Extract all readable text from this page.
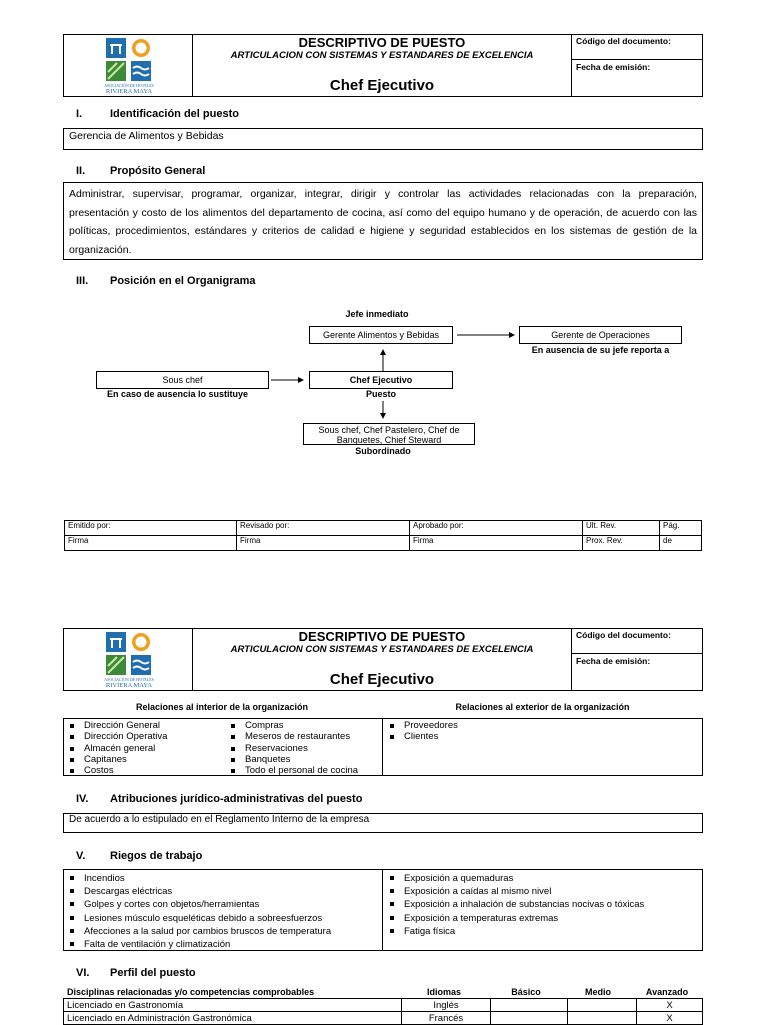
ASOCIACIÓN DE HOTELES
RIVIERA MAYA
DESCRIPTIVO DE PUESTO
ARTICULACION CON SISTEMAS Y ESTANDARES DE EXCELENCIA
Chef Ejecutivo
Código del documento:
Fecha de emisión:
I.	Identificación del puesto
Gerencia de Alimentos y Bebidas
II. Propósito General
Administrar, supervisar, programar, organizar, integrar, dirigir y controlar las actividades relacionadas con la preparación,
presentación y costo de los alimentos del departamento de cocina, así como del equipo humano y de operación, de acuerdo con las
políticas, procedimientos, estándares y criterios de calidad e higiene y seguridad establecidos en los sistemas de gestión de la
organización.
III. Posición en el Organigrama
Jefe inmediato
Gerente Alimentos y Bebidas	Gerente de Operaciones
En ausencia de su jefe reporta a
Sous chef
En caso de ausencia lo sustituye
Chef Ejecutivo
Puesto
Sous chef, Chef Pastelero, Chef de
Banquetes, Chief Steward
Subordinado
Emitido por:	Revisado por:	Aprobado por:	Ult. Rev.	Pág.
Firma	Firma	Firma	Prox. Rev.	de
ASOCIACIÓN DE HOTELES
RIVIERA MAYA
DESCRIPTIVO DE PUESTO
ARTICULACION CON SISTEMAS Y ESTANDARES DE EXCELENCIA
Chef Ejecutivo
Código del documento:
Fecha de emisión:
Relaciones al interior de la organización	Relaciones al exterior de la organización
Dirección General
Dirección Operativa
Almacén general
Capitanes
Costos
Compras
Meseros de restaurantes
Reservaciones
Banquetes
Todo el personal de cocina
Proveedores
Clientes
IV. Atribuciones jurídico-administrativas del puesto
De acuerdo a lo estipulado en el Reglamento Interno de la empresa
V. Riegos de trabajo
Incendios
Descargas eléctricas
Golpes y cortes con objetos/herramientas
Lesiones músculo esqueléticas debido a sobreesfuerzos
Afecciones a la salud por cambios bruscos de temperatura
Falta de ventilación y climatización
Exposición a quemaduras
Exposición a caídas al mismo nivel
Exposición a inhalación de substancias nocivas o tóxicas
Exposición a temperaturas extremas
Fatiga física
VI. Perfil del puesto
Disciplinas relacionadas y/o competencias comprobables	Idiomas	Básico	Medio	Avanzado
Licenciado en Gastronomía	Inglés			X
Licenciado en Administración Gastronómica	Francés			X
